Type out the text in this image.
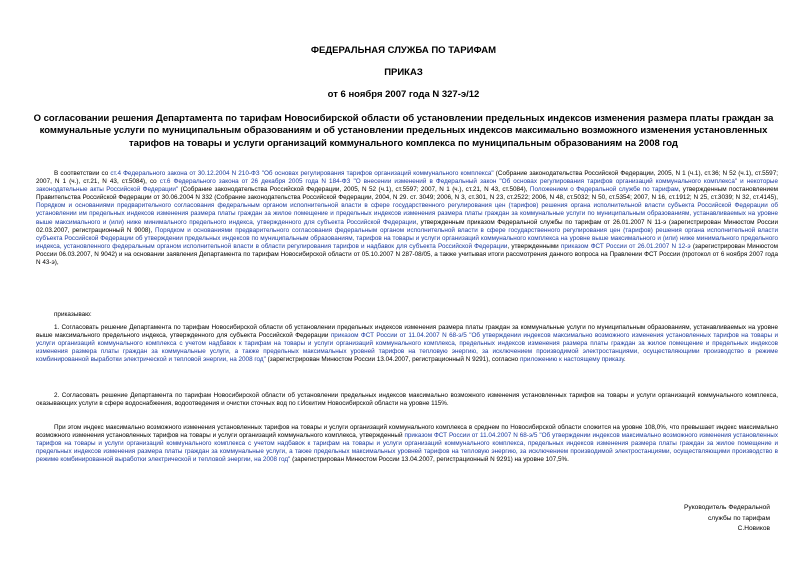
ФЕДЕРАЛЬНАЯ СЛУЖБА ПО ТАРИФАМ
ПРИКАЗ
от 6 ноября 2007 года N 327-э/12
О согласовании решения Департамента по тарифам Новосибирской области об установлении предельных индексов изменения размера платы граждан за коммунальные услуги по муниципальным образованиям и об установлении предельных индексов максимально возможного изменения установленных тарифов на товары и услуги организаций коммунального комплекса по муниципальным образованиям на 2008 год
В соответствии со ст.4 Федерального закона от 30.12.2004 N 210-ФЗ "Об основах регулирования тарифов организаций коммунального комплекса" (Собрание законодательства Российской Федерации, 2005, N 1 (ч.1), ст.36; N 52 (ч.1), ст.5597; 2007, N 1 (ч.), ст.21, N 43, ст.5084), со ст.6 Федерального закона от 26 декабря 2005 года N 184-ФЗ "О внесении изменений в Федеральный закон "Об основах регулирования тарифов организаций коммунального комплекса" и некоторые законодательные акты Российской Федерации" (Собрание законодательства Российской Федерации, 2005, N 52 (ч.1), ст.5597; 2007, N 1 (ч.), ст.21, N 43, ст.5084), Положением о Федеральной службе по тарифам, утвержденным постановлением Правительства Российской Федерации от 30.06.2004 N 332 (Собрание законодательства Российской Федерации, 2004, N 29. ст. 3049; 2006, N 3, ст.301, N 23, ст.2522; 2006, N 48, ст.5032; N 50, ст.5354; 2007, N 16, ст.1912; N 25, ст.3039; N 32, ст.4145), Порядком и основаниями предварительного согласования федеральным органом исполнительной власти в сфере государственного регулирования цен (тарифов) решения органа исполнительной власти субъекта Российской Федерации об установлении им предельных индексов изменения размера платы граждан за жилое помещение и предельных индексов изменения размера платы граждан за коммунальные услуги по муниципальным образованиям, устанавливаемых на уровне выше максимального и (или) ниже минимального предельного индекса, утвержденного для субъекта Российской Федерации, утвержденным приказом Федеральной службы по тарифам от 26.01.2007 N 11-э (зарегистрирован Минюстом России 02.03.2007, регистрационный N 9008), Порядком и основаниями предварительного согласования федеральным органом исполнительной власти в сфере государственного регулирования цен (тарифов) решения органа исполнительной власти субъекта Российской Федерации об утверждении предельных индексов по муниципальным образованиям, тарифов на товары и услуги организаций коммунального комплекса на уровне выше максимального и (или) ниже минимального предельного индекса, установленного федеральным органом исполнительной власти в области регулирования тарифов и надбавок для субъекта Российской Федерации, утвержденными приказом ФСТ России от 26.01.2007 N 12-э (зарегистрирован Минюстом России 06.03.2007, N 9042) и на основании заявления Департамента по тарифам Новосибирской области от 05.10.2007 N 287-08/05, а также учитывая итоги рассмотрения данного вопроса на Правлении ФСТ России (протокол от 6 ноября 2007 года N 43-э),
приказываю:
1. Согласовать решение Департамента по тарифам Новосибирской области об установлении предельных индексов изменения размера платы граждан за коммунальные услуги по муниципальным образованиям, устанавливаемых на уровне выше максимального предельного индекса, утвержденного для субъекта Российской Федерации приказом ФСТ России от 11.04.2007 N 68-э/5 "Об утверждении индексов максимально возможного изменения установленных тарифов на товары и услуги организаций коммунального комплекса с учетом надбавок к тарифам на товары и услуги организаций коммунального комплекса, предельных индексов изменения размера платы граждан за жилое помещение и предельных индексов изменения размера платы граждан за коммунальные услуги, а также предельных максимальных уровней тарифов на тепловую энергию, за исключением производимой электростанциями, осуществляющими производство в режиме комбинированной выработки электрической и тепловой энергии, на 2008 год" (зарегистрирован Минюстом России 13.04.2007, регистрационный N 9291), согласно приложению к настоящему приказу.
2. Согласовать решение Департамента по тарифам Новосибирской области об установлении предельных индексов максимально возможного изменения установленных тарифов на товары и услуги организаций коммунального комплекса, оказывающих услуги в сфере водоснабжения, водоотведения и очистки сточных вод по г.Искитим Новосибирской области на уровне 115%.
При этом индекс максимально возможного изменения установленных тарифов на товары и услуги организаций коммунального комплекса в среднем по Новосибирской области сложится на уровне 108,0%, что превышает индекс максимально возможного изменения установленных тарифов на товары и услуги организаций коммунального комплекса, утвержденный приказом ФСТ России от 11.04.2007 N 68-э/5 "Об утверждении индексов максимально возможного изменения установленных тарифов на товары и услуги организаций коммунального комплекса с учетом надбавок к тарифам на товары и услуги организаций коммунального комплекса, предельных индексов изменения размера платы граждан за жилое помещение и предельных индексов изменения размера платы граждан за коммунальные услуги, а также предельных максимальных уровней тарифов на тепловую энергию, за исключением производимой электростанциями, осуществляющими производство в режиме комбинированной выработки электрической и тепловой энергии, на 2008 год" (зарегистрирован Минюстом России 13.04.2007, регистрационный N 9291) на уровне 107,5%.
Руководитель Федеральной
службы по тарифам
С.Новиков
